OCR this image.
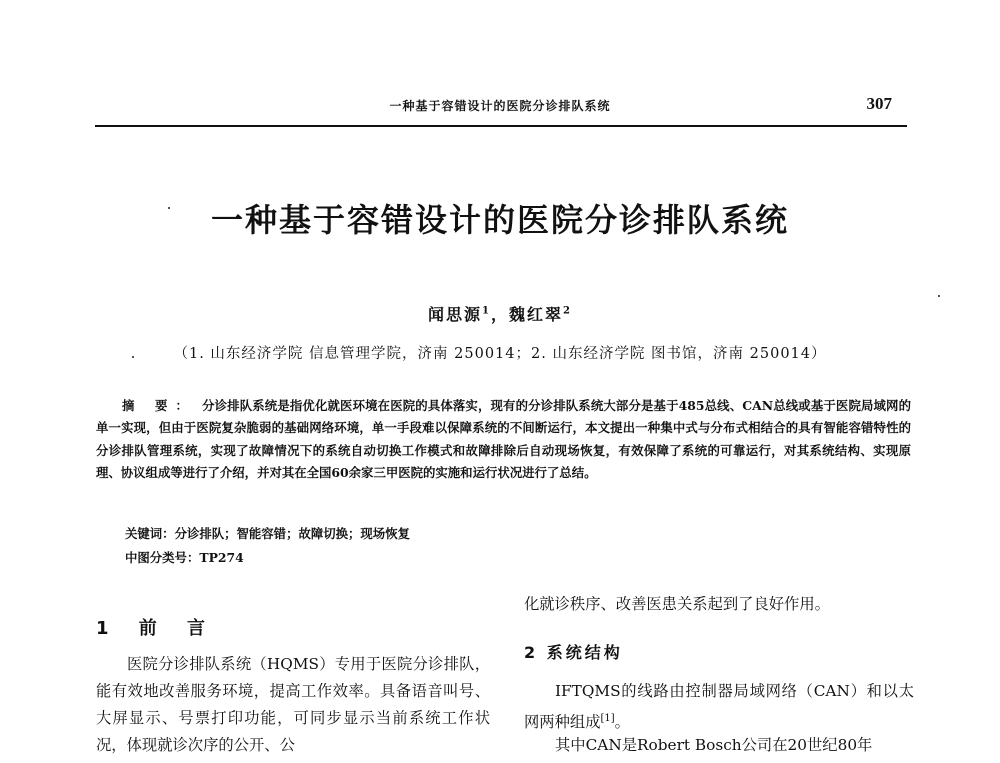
一种基于容错设计的医院分诊排队系统	307
一种基于容错设计的医院分诊排队系统
闻思源$^1$，魏红翠$^2$
（1. 山东经济学院 信息管理学院，济南 250014；2. 山东经济学院 图书馆，济南 250014）
摘 要： 分诊排队系统是指优化就医环境在医院的具体落实，现有的分诊排队系统大部分是基于485总线、CAN总线或基于医院局域网的单一实现，但由于医院复杂脆弱的基础网络环境，单一手段难以保障系统的不间断运行，本文提出一种集中式与分布式相结合的具有智能容错特性的分诊排队管理系统，实现了故障情况下的系统自动切换工作模式和故障排除后自动现场恢复，有效保障了系统的可靠运行，对其系统结构、实现原理、协议组成等进行了介绍，并对其在全国60余家三甲医院的实施和运行状况进行了总结。
关键词：分诊排队；智能容错；故障切换；现场恢复
中图分类号：TP274
1 前 言
医院分诊排队系统（HQMS）专用于医院分诊排队，能有效地改善服务环境，提高工作效率。具备语音叫号、大屏显示、号票打印功能，可同步显示当前系统工作状况，体现就诊次序的公开、公
化就诊秩序、改善医患关系起到了良好作用。
2 系统结构
IFTQMS的线路由控制器局域网络（CAN）和以太网两种组成[1]。
其中CAN是Robert Bosch公司在20世纪80年
